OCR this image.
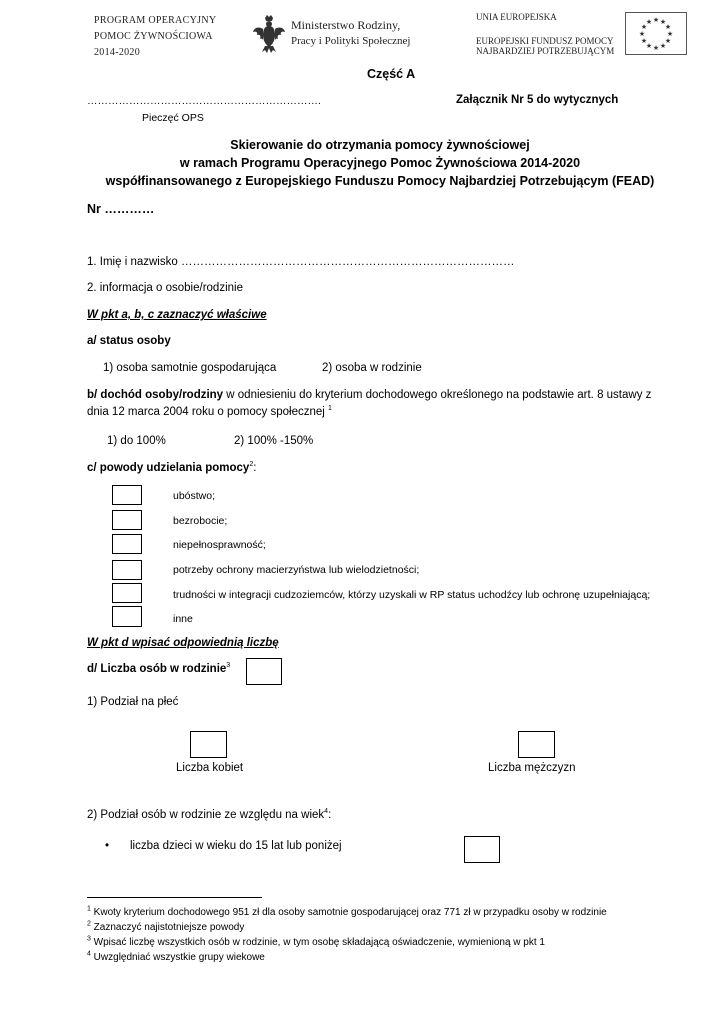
PROGRAM OPERACYJNY
POMOC ŻYWNOŚCIOWA
2014-2020
Ministerstwo Rodziny,
Pracy i Polityki Społecznej
UNIA EUROPEJSKA
EUROPEJSKI FUNDUSZ POMOCY
NAJBARDZIEJ POTRZEBUJĄCYM
★ ★
★
★
★
★
★
★
★
★
★
★
Część A
………………………………………………………….
Pieczęć OPS
Załącznik Nr 5 do wytycznych
Skierowanie do otrzymania pomocy żywnościowej
w ramach Programu Operacyjnego Pomoc Żywnościowa 2014-2020
współfinansowanego z Europejskiego Funduszu Pomocy Najbardziej Potrzebującym (FEAD)
Nr …………
1. Imię i nazwisko ……………………………………………………………………………
2. informacja o osobie/rodzinie
W pkt a, b, c zaznaczyć właściwe
a/ status osoby
1) osoba samotnie gospodarująca	2) osoba w rodzinie
b/ dochód osoby/rodziny w odniesieniu do kryterium dochodowego określonego na podstawie art. 8 ustawy z
dnia 12 marca 2004 roku o pomocy społecznej $^1$
1) do 100%	2) 100% -150%
c/ powody udzielania pomocy$^2$:
ubóstwo;
bezrobocie;
niepełnosprawność;
potrzeby ochrony macierzyństwa lub wielodzietności;
trudności w integracji cudzoziemców, którzy uzyskali w RP status uchodźcy lub ochronę uzupełniającą;
inne
W pkt d wpisać odpowiednią liczbę
d/ Liczba osób w rodzinie$^3$
1) Podział na płeć
Liczba kobiet	Liczba mężczyzn
2) Podział osób w rodzinie ze względu na wiek$^4$:
• liczba dzieci w wieku do 15 lat lub poniżej
$^1$ Kwoty kryterium dochodowego 951 zł dla osoby samotnie gospodarującej oraz 771 zł w przypadku osoby w rodzinie
$^2$ Zaznaczyć najistotniejsze powody
$^3$ Wpisać liczbę wszystkich osób w rodzinie, w tym osobę składającą oświadczenie, wymienioną w pkt 1
$^4$ Uwzględniać wszystkie grupy wiekowe
